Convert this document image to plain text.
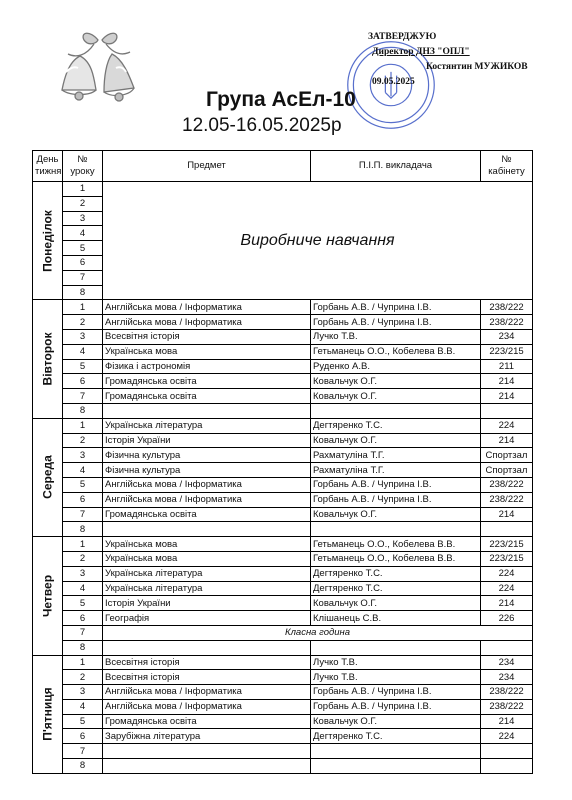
ЗАТВЕРДЖУЮ
Директор ДНЗ "ОПЛ"
Костянтин МУЖИКОВ
09.05.2025
Група АсЕл-10
12.05-16.05.2025р
День тижня	№ уроку	Предмет	П.І.П. викладача	№ кабінету

Понеділок	1	Виробниче навчання		
	2			
	3			
	4			
	5			
	6			
	7			
	8			

Вівторок	1	Англійська мова / Інформатика	Горбань А.В. / Чуприна І.В.	238/222
	2	Англійська мова / Інформатика	Горбань А.В. / Чуприна І.В.	238/222
	3	Всесвітня історія	Лучко Т.В.	234
	4	Українська мова	Гетьманець О.О., Кобелева В.В.	223/215
	5	Фізика і астрономія	Руденко А.В.	211
	6	Громадянська освіта	Ковальчук О.Г.	214
	7	Громадянська освіта	Ковальчук О.Г.	214
	8			

Середа	1	Українська література	Дегтяренко Т.С.	224
	2	Історія України	Ковальчук О.Г.	214
	3	Фізична культура	Рахматуліна Т.Г.	Спортзал
	4	Фізична культура	Рахматуліна Т.Г.	Спортзал
	5	Англійська мова / Інформатика	Горбань А.В. / Чуприна І.В.	238/222
	6	Англійська мова / Інформатика	Горбань А.В. / Чуприна І.В.	238/222
	7	Громадянська освіта	Ковальчук О.Г.	214
	8			

Четвер	1	Українська мова	Гетьманець О.О., Кобелева В.В.	223/215
	2	Українська мова	Гетьманець О.О., Кобелева В.В.	223/215
	3	Українська література	Дегтяренко Т.С.	224
	4	Українська література	Дегтяренко Т.С.	224
	5	Історія України	Ковальчук О.Г.	214
	6	Географія	Клішанець С.В.	226
	7	Класна година		
	8			

П'ятниця	1	Всесвітня історія	Лучко Т.В.	234
	2	Всесвітня історія	Лучко Т.В.	234
	3	Англійська мова / Інформатика	Горбань А.В. / Чуприна І.В.	238/222
	4	Англійська мова / Інформатика	Горбань А.В. / Чуприна І.В.	238/222
	5	Громадянська освіта	Ковальчук О.Г.	214
	6	Зарубіжна література	Дегтяренко Т.С.	224
	7			
	8			
